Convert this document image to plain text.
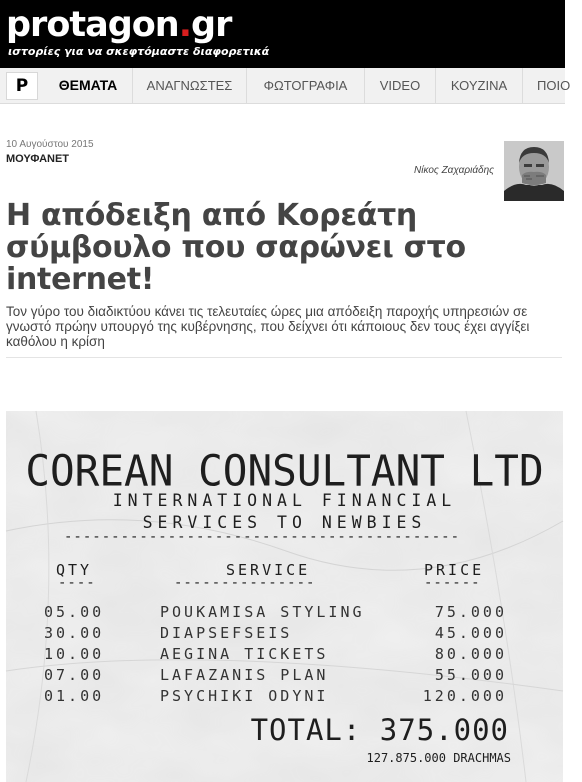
protagon.gr
ιστορίες για να σκεφτόμαστε διαφορετικά
P	ΘΕΜΑΤΑ	ΑΝΑΓΝΩΣΤΕΣ	ΦΩΤΟΓΡΑΦΙΑ	VIDEO	ΚΟΥΖΙΝΑ	ΠΟΙΟ
10 Αυγούστου 2015
ΜΟΥΦΑΝΕΤ
Νίκος Ζαχαριάδης
Η απόδειξη από Κορεάτη σύμβουλο που σαρώνει στο internet!

Τον γύρο του διαδικτύου κάνει τις τελευταίες ώρες μια απόδειξη παροχής υπηρεσιών σε γνωστό πρώην υπουργό της κυβέρνησης, που δείχνει ότι κάποιους δεν τους έχει αγγίξει καθόλου η κρίση

COREAN CONSULTANT LTD
INTERNATIONAL FINANCIAL
SERVICES TO NEWBIES
------------------------------------------
QTY	SERVICE	PRICE
----	---------------	------
05.00	POUKAMISA STYLING	75.000
30.00	DIAPSEFSEIS	45.000
10.00	AEGINA TICKETS	80.000
07.00	LAFAZANIS PLAN	55.000
01.00	PSYCHIKI ODYNI	120.000
TOTAL: 375.000
127.875.000 DRACHMAS
